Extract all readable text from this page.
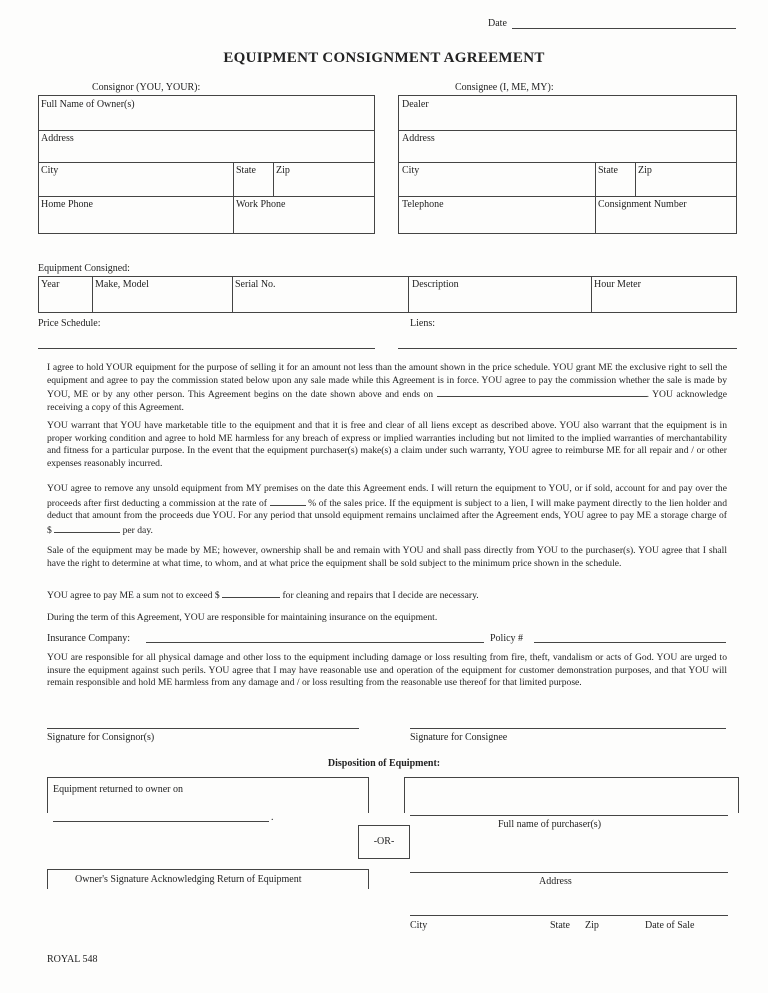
Date
EQUIPMENT CONSIGNMENT AGREEMENT
Consignor (YOU, YOUR):	Consignee (I, ME, MY):
Full Name of Owner(s)
Address
City	State Zip
Home Phone	Work Phone
Dealer
Address
City	State Zip
Telephone	Consignment Number
Equipment Consigned:
Year	Make, Model	Serial No.	Description	Hour Meter
Price Schedule:	Liens:
I agree to hold YOUR equipment for the purpose of selling it for an amount not less than the amount shown in the price schedule. YOU grant ME the exclusive right to sell the equipment and agree to pay the commission stated below upon any sale made while this Agreement is in force. YOU agree to pay the commission whether the sale is made by YOU, ME or by any other person. This Agreement begins on the date shown above and ends on	. YOU acknowledge receiving a copy of this Agreement.
YOU warrant that YOU have marketable title to the equipment and that it is free and clear of all liens except as described above. YOU also warrant that the equipment is in proper working condition and agree to hold ME harmless for any breach of express or implied warranties including but not limited to the implied warranties of merchantability and fitness for a particular purpose. In the event that the equipment purchaser(s) make(s) a claim under such warranty, YOU agree to reimburse ME for all repair and / or other expenses reasonably incurred.
YOU agree to remove any unsold equipment from MY premises on the date this Agreement ends. I will return the equipment to YOU, or if sold, account for and pay over the proceeds after first deducting a commission at the rate of	% of the sales price. If the equipment is subject to a lien, I will make payment directly to the lien holder and deduct that amount from the proceeds due YOU. For any period that unsold equipment remains unclaimed after the Agreement ends, YOU agree to pay ME a storage charge of $	per day.
Sale of the equipment may be made by ME; however, ownership shall be and remain with YOU and shall pass directly from YOU to the purchaser(s). YOU agree that I shall have the right to determine at what time, to whom, and at what price the equipment shall be sold subject to the minimum price shown in the schedule.
YOU agree to pay ME a sum not to exceed $	for cleaning and repairs that I decide are necessary.
During the term of this Agreement, YOU are responsible for maintaining insurance on the equipment.
Insurance Company:	Policy #
YOU are responsible for all physical damage and other loss to the equipment including damage or loss resulting from fire, theft, vandalism or acts of God. YOU are urged to insure the equipment against such perils. YOU agree that I may have reasonable use and operation of the equipment for customer demonstration purposes, and that YOU will remain responsible and hold ME harmless from any damage and / or loss resulting from the reasonable use thereof for that limited purpose.
Signature for Consignor(s)	Signature for Consignee
Disposition of Equipment:
Equipment returned to owner on
.
Owner's Signature Acknowledging Return of Equipment
-OR-
Full name of purchaser(s)
Address
City	State Zip	Date of Sale
ROYAL 548
